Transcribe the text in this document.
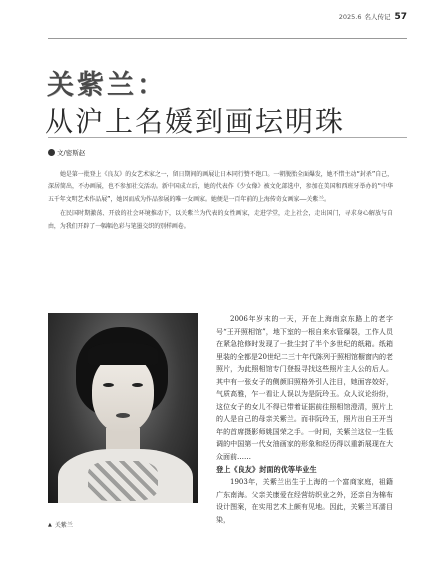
2025.6 名人传记 57
关紫兰：
从沪上名媛到画坛明珠
文/密斯赵

她是第一批登上《良友》的女艺术家之一，留日期间的画展让日本同行赞不绝口。一朝脱胎全面爆发，她不惜主动“封杀”自己，深居简出，不办画展，也不参加社交活动。新中国成立后，她的代表作《少女像》被文化部选中，参加在美国和西班牙举办的“中华五千年文明艺术作品展”，她因而成为作品参展的唯一女画家。她便是一百年前的上海传奇女画家——关紫兰。

在民国时期激荡、开放的社会环境推动下，以关紫兰为代表的女性画家，走进学堂，走上社会，走出国门，寻求身心解放与自由，为我们开辟了一幅幅色彩与笔墨交织的别样画卷。

▲ 关紫兰

2006年岁末的一天，开在上海南京东路上的老字号“王开照相馆”，地下室的一根自来水管爆裂，工作人员在紧急抢修时发现了一批尘封了半个多世纪的纸箱。纸箱里装的全都是20世纪二三十年代陈列于照相馆橱窗内的老照片，为此照相馆专门登报寻找这些照片主人公的后人。其中有一张女子的侧颜旧照格外引人注目，她面容姣好，气质高雅，乍一看让人误以为是阮玲玉。众人议论纷纷，这位女子的女儿不得已带着证据前往照相馆澄清，照片上的人是自己的母亲关紫兰。而非阮玲玉，照片出自王开当年的首席摄影师姚国荣之手。一时间，关紫兰这位一生低调的中国第一代女油画家的形象和经历得以重新展现在大众面前……

登上《良友》封面的优等毕业生

1903年，关紫兰出生于上海的一个富商家庭，祖籍广东南海。父亲关康爱在经营纺织业之外，还亲自为棉布设计图案，在实用艺术上颇有见地。因此，关紫兰耳濡目染，
